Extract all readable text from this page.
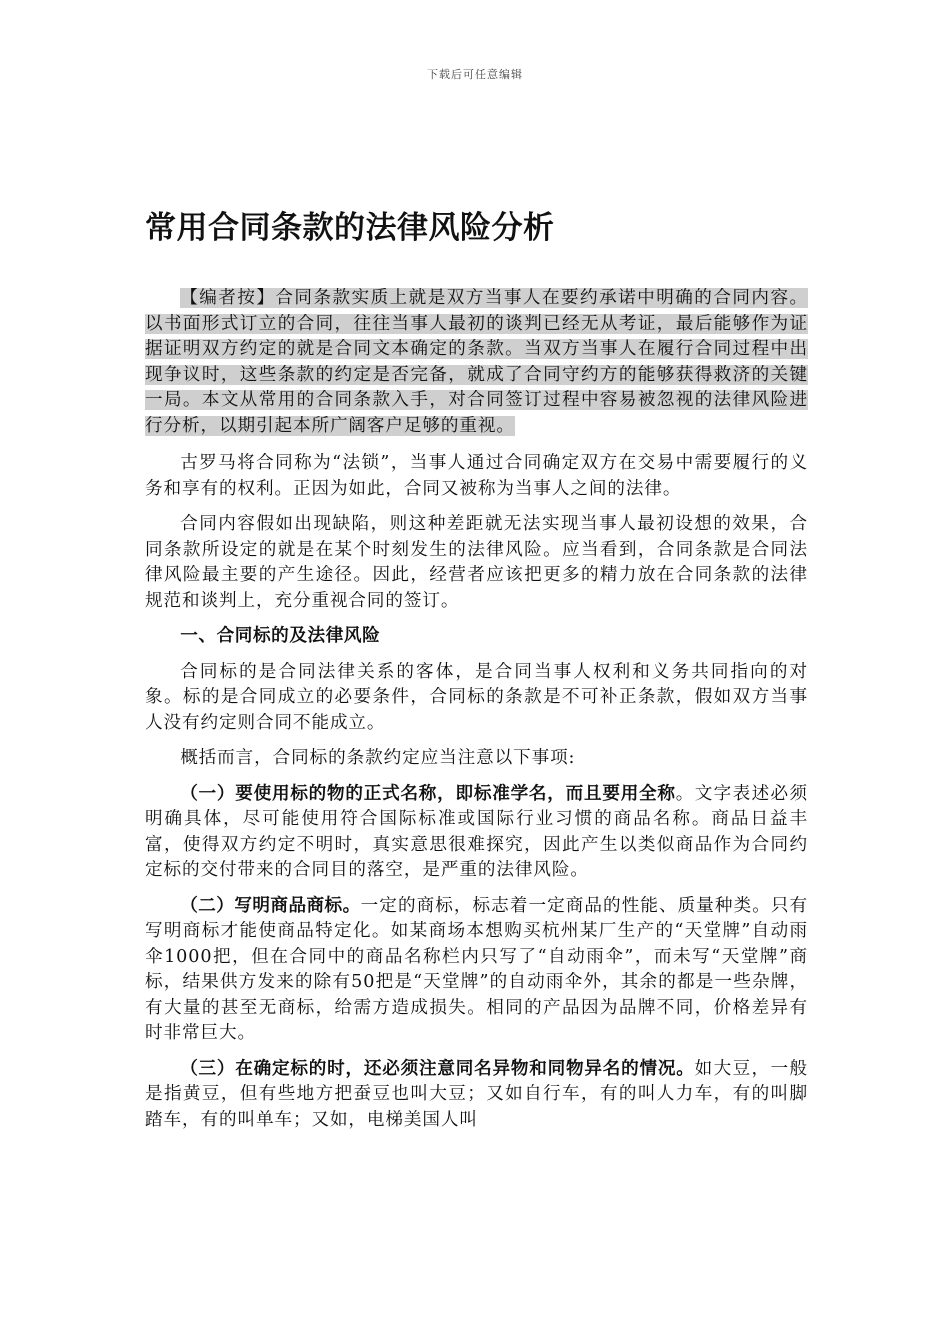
下载后可任意编辑
常用合同条款的法律风险分析

【编者按】合同条款实质上就是双方当事人在要约承诺中明确的合同内容。以书面形式订立的合同，往往当事人最初的谈判已经无从考证，最后能够作为证据证明双方约定的就是合同文本确定的条款。当双方当事人在履行合同过程中出现争议时，这些条款的约定是否完备，就成了合同守约方的能够获得救济的关键一局。本文从常用的合同条款入手，对合同签订过程中容易被忽视的法律风险进行分析，以期引起本所广阔客户足够的重视。

古罗马将合同称为“法锁”，当事人通过合同确定双方在交易中需要履行的义务和享有的权利。正因为如此，合同又被称为当事人之间的法律。

合同内容假如出现缺陷，则这种差距就无法实现当事人最初设想的效果，合同条款所设定的就是在某个时刻发生的法律风险。应当看到，合同条款是合同法律风险最主要的产生途径。因此，经营者应该把更多的精力放在合同条款的法律规范和谈判上，充分重视合同的签订。

一、合同标的及法律风险

合同标的是合同法律关系的客体，是合同当事人权利和义务共同指向的对象。标的是合同成立的必要条件，合同标的条款是不可补正条款，假如双方当事人没有约定则合同不能成立。

概括而言，合同标的条款约定应当注意以下事项:

（一）要使用标的物的正式名称，即标准学名，而且要用全称。文字表述必须明确具体，尽可能使用符合国际标准或国际行业习惯的商品名称。商品日益丰富，使得双方约定不明时，真实意思很难探究，因此产生以类似商品作为合同约定标的交付带来的合同目的落空，是严重的法律风险。

（二）写明商品商标。一定的商标，标志着一定商品的性能、质量种类。只有写明商标才能使商品特定化。如某商场本想购买杭州某厂生产的“天堂牌”自动雨伞1000把，但在合同中的商品名称栏内只写了“自动雨伞”，而未写“天堂牌”商标，结果供方发来的除有50把是“天堂牌”的自动雨伞外，其余的都是一些杂牌，有大量的甚至无商标，给需方造成损失。相同的产品因为品牌不同，价格差异有时非常巨大。

（三）在确定标的时，还必须注意同名异物和同物异名的情况。如大豆，一般是指黄豆，但有些地方把蚕豆也叫大豆；又如自行车，有的叫人力车，有的叫脚踏车，有的叫单车；又如，电梯美国人叫
